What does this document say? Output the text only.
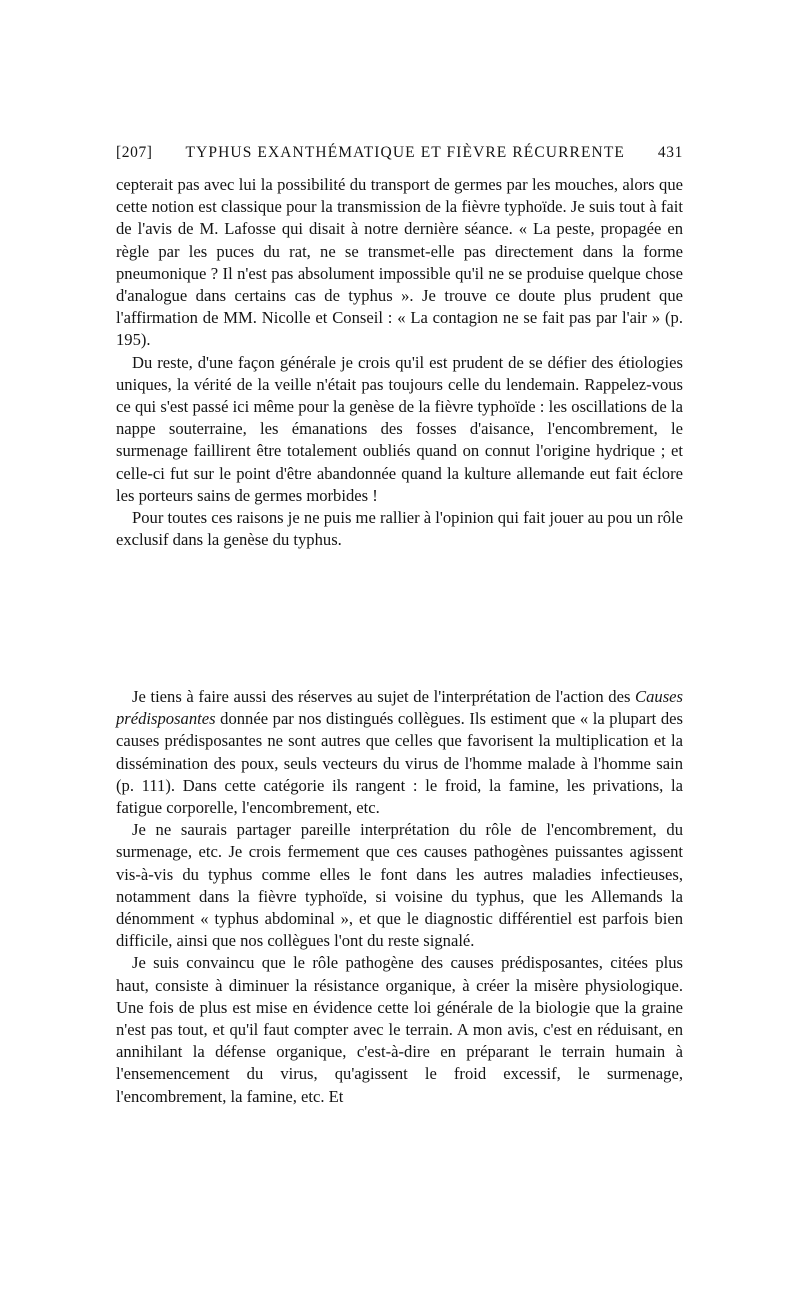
[207] TYPHUS EXANTHÉMATIQUE ET FIÈVRE RÉCURRENTE 431

cepterait pas avec lui la possibilité du transport de germes par les mouches, alors que cette notion est classique pour la transmission de la fièvre typhoïde. Je suis tout à fait de l'avis de M. Lafosse qui disait à notre dernière séance. « La peste, propagée en règle par les puces du rat, ne se transmet-elle pas directement dans la forme pneumonique ? Il n'est pas absolument impossible qu'il ne se produise quelque chose d'analogue dans certains cas de typhus ». Je trouve ce doute plus prudent que l'affirmation de MM. Nicolle et Conseil : « La contagion ne se fait pas par l'air » (p. 195).

Du reste, d'une façon générale je crois qu'il est prudent de se défier des étiologies uniques, la vérité de la veille n'était pas toujours celle du lendemain. Rappelez-vous ce qui s'est passé ici même pour la genèse de la fièvre typhoïde : les oscillations de la nappe souterraine, les émanations des fosses d'aisance, l'encombrement, le surmenage faillirent être totalement oubliés quand on connut l'origine hydrique ; et celle-ci fut sur le point d'être abandonnée quand la kulture allemande eut fait éclore les porteurs sains de germes morbides !

Pour toutes ces raisons je ne puis me rallier à l'opinion qui fait jouer au pou un rôle exclusif dans la genèse du typhus.

Je tiens à faire aussi des réserves au sujet de l'interprétation de l'action des Causes prédisposantes donnée par nos distingués collègues. Ils estiment que « la plupart des causes prédisposantes ne sont autres que celles que favorisent la multiplication et la dissémination des poux, seuls vecteurs du virus de l'homme malade à l'homme sain (p. 111). Dans cette catégorie ils rangent : le froid, la famine, les privations, la fatigue corporelle, l'encombrement, etc.

Je ne saurais partager pareille interprétation du rôle de l'encombrement, du surmenage, etc. Je crois fermement que ces causes pathogènes puissantes agissent vis-à-vis du typhus comme elles le font dans les autres maladies infectieuses, notamment dans la fièvre typhoïde, si voisine du typhus, que les Allemands la dénomment « typhus abdominal », et que le diagnostic différentiel est parfois bien difficile, ainsi que nos collègues l'ont du reste signalé.

Je suis convaincu que le rôle pathogène des causes prédisposantes, citées plus haut, consiste à diminuer la résistance organique, à créer la misère physiologique. Une fois de plus est mise en évidence cette loi générale de la biologie que la graine n'est pas tout, et qu'il faut compter avec le terrain. A mon avis, c'est en réduisant, en annihilant la défense organique, c'est-à-dire en préparant le terrain humain à l'ensemencement du virus, qu'agissent le froid excessif, le surmenage, l'encombrement, la famine, etc. Et
